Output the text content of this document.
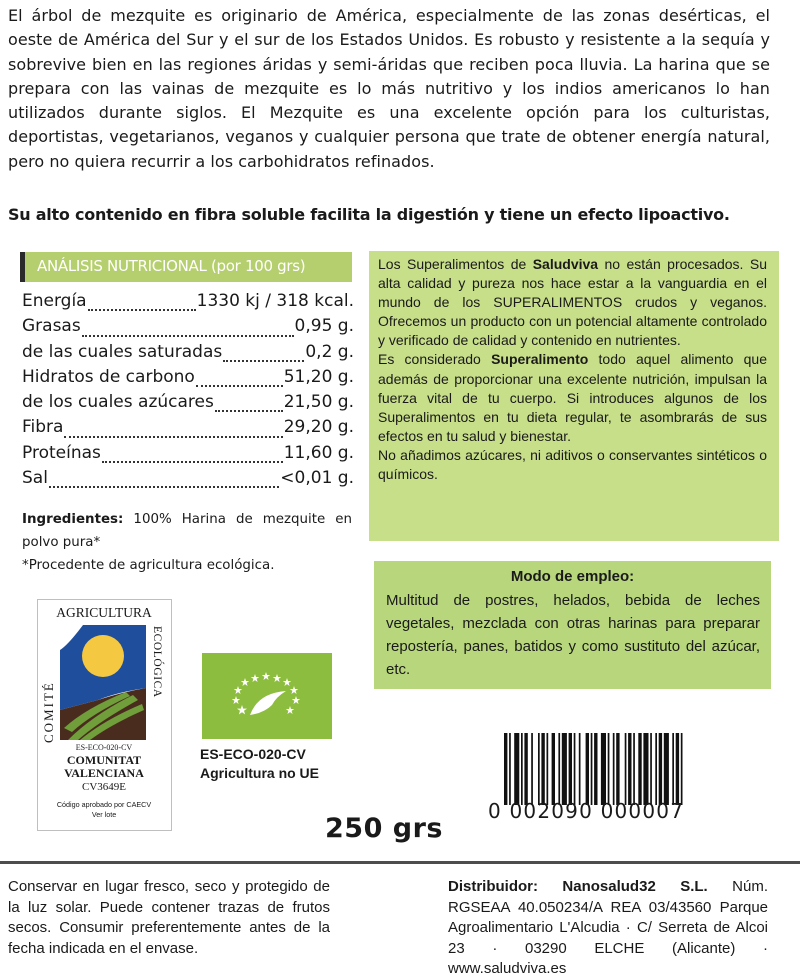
El árbol de mezquite es originario de América, especialmente de las zonas desérticas, el oeste de América del Sur y el sur de los Estados Unidos. Es robusto y resistente a la sequía y sobrevive bien en las regiones áridas y semi-áridas que reciben poca lluvia. La harina que se prepara con las vainas de mezquite es lo más nutritivo y los indios americanos lo han utilizados durante siglos. El Mezquite es una excelente opción para los culturistas, deportistas, vegetarianos, veganos y cualquier persona que trate de obtener energía natural, pero no quiera recurrir a los carbohidratos refinados.
Su alto contenido en fibra soluble facilita la digestión y tiene un efecto lipoactivo.
ANÁLISIS NUTRICIONAL (por 100 grs)
Energía	1330 kj / 318 kcal.
Grasas	0,95 g.
de las cuales saturadas	0,2 g.
Hidratos de carbono	51,20 g.
de los cuales azúcares	21,50 g.
Fibra	29,20 g.
Proteínas	11,60 g.
Sal	<0,01 g.
Ingredientes: 100% Harina de mezquite en polvo pura*
*Procedente de agricultura ecológica.

Los Superalimentos de Saludviva no están procesados. Su alta calidad y pureza nos hace estar a la vanguardia en el mundo de los SUPERALIMENTOS crudos y veganos. Ofrecemos un producto con un potencial altamente controlado y verificado de calidad y contenido en nutrientes.

Es considerado Superalimento todo aquel alimento que además de proporcionar una excelente nutrición, impulsan la fuerza vital de tu cuerpo. Si introduces algunos de los Superalimentos en tu dieta regular, te asombrarás de sus efectos en tu salud y bienestar.

No añadimos azúcares, ni aditivos o conservantes sintéticos o químicos.

Modo de empleo:
Multitud de postres, helados, bebida de leches vegetales, mezclada con otras harinas para preparar repostería, panes, batidos y como sustituto del azúcar, etc.
AGRICULTURA
COMITÉ
ECOLÓGICA
ES-ECO-020-CV
COMUNITAT
VALENCIANA
CV3649E
Código aprobado por CAECV
Ver lote
ES-ECO-020-CV
Agricultura no UE
250 grs
0 002090 000007
Conservar en lugar fresco, seco y protegido de la luz solar. Puede contener trazas de frutos secos. Consumir preferentemente antes de la fecha indicada en el envase.
Distribuidor: Nanosalud32 S.L. Núm. RGSEAA 40.050234/A REA 03/43560 Parque Agroalimentario L'Alcudia · C/ Serreta de Alcoi 23 · 03290 ELCHE (Alicante) · www.saludviva.es
